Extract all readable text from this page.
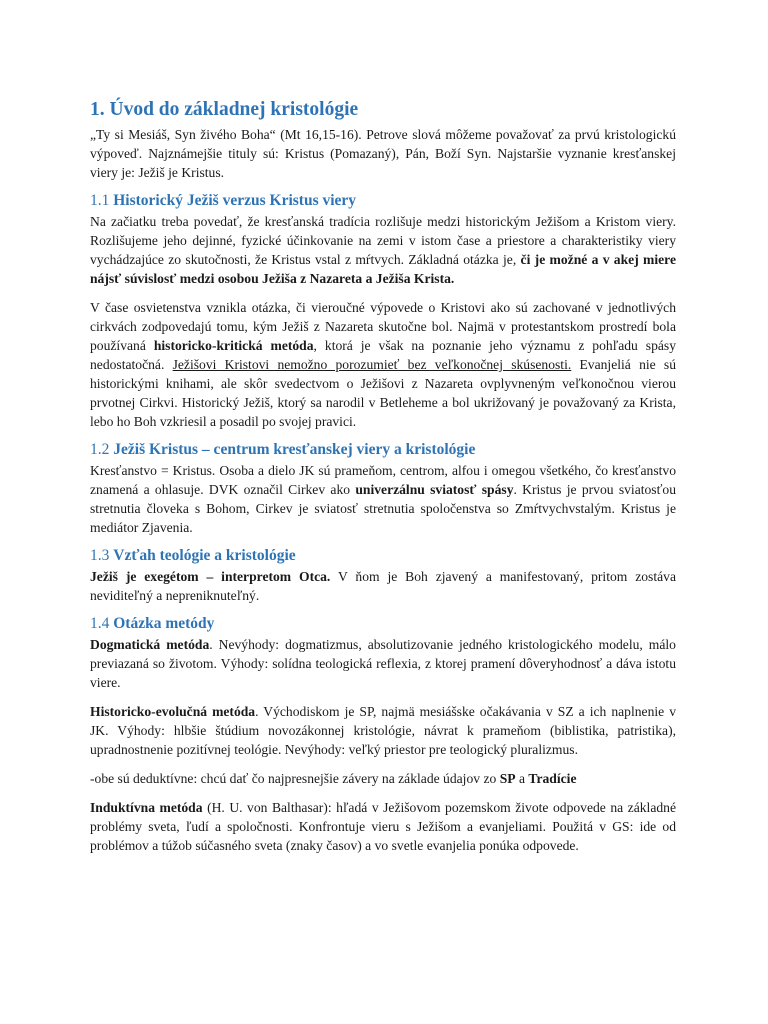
1. Úvod do základnej kristológie

„Ty si Mesiáš, Syn živého Boha“ (Mt 16,15-16). Petrove slová môžeme považovať za prvú kristologickú výpoveď. Najznámejšie tituly sú: Kristus (Pomazaný), Pán, Boží Syn. Najstaršie vyznanie kresťanskej viery je: Ježiš je Kristus.

1.1 Historický Ježiš verzus Kristus viery

Na začiatku treba povedať, že kresťanská tradícia rozlišuje medzi historickým Ježišom a Kristom viery. Rozlišujeme jeho dejinné, fyzické účinkovanie na zemi v istom čase a priestore a charakteristiky viery vychádzajúce zo skutočnosti, že Kristus vstal z mŕtvych. Základná otázka je, či je možné a v akej miere nájsť súvislosť medzi osobou Ježiša z Nazareta a Ježiša Krista.

V čase osvietenstva vznikla otázka, či vieroučné výpovede o Kristovi ako sú zachované v jednotlivých cirkvách zodpovedajú tomu, kým Ježiš z Nazareta skutočne bol. Najmä v protestantskom prostredí bola používaná historicko-kritická metóda, ktorá je však na poznanie jeho významu z pohľadu spásy nedostatočná. Ježišovi Kristovi nemožno porozumieť bez veľkonočnej skúsenosti. Evanjeliá nie sú historickými knihami, ale skôr svedectvom o Ježišovi z Nazareta ovplyvneným veľkonočnou vierou prvotnej Cirkvi. Historický Ježiš, ktorý sa narodil v Betleheme a bol ukrižovaný je považovaný za Krista, lebo ho Boh vzkriesil a posadil po svojej pravici.

1.2 Ježiš Kristus – centrum kresťanskej viery a kristológie

Kresťanstvo = Kristus. Osoba a dielo JK sú prameňom, centrom, alfou i omegou všetkého, čo kresťanstvo znamená a ohlasuje. DVK označil Cirkev ako univerzálnu sviatosť spásy. Kristus je prvou sviatosťou stretnutia človeka s Bohom, Cirkev je sviatosť stretnutia spoločenstva so Zmŕtvychvstalým. Kristus je mediátor Zjavenia.

1.3 Vzťah teológie a kristológie

Ježiš je exegétom – interpretom Otca. V ňom je Boh zjavený a manifestovaný, pritom zostáva neviditeľný a nepreniknuteľný.

1.4 Otázka metódy

Dogmatická metóda. Nevýhody: dogmatizmus, absolutizovanie jedného kristologického modelu, málo previazaná so životom. Výhody: solídna teologická reflexia, z ktorej pramení dôveryhodnosť a dáva istotu viere.

Historicko-evolučná metóda. Východiskom je SP, najmä mesiášske očakávania v SZ a ich naplnenie v JK. Výhody: hlbšie štúdium novozákonnej kristológie, návrat k prameňom (biblistika, patristika), upradnostnenie pozitívnej teológie. Nevýhody: veľký priestor pre teologický pluralizmus.

-obe sú deduktívne: chcú dať čo najpresnejšie závery na základe údajov zo SP a Tradície

Induktívna metóda (H. U. von Balthasar): hľadá v Ježišovom pozemskom živote odpovede na základné problémy sveta, ľudí a spoločnosti. Konfrontuje vieru s Ježišom a evanjeliami. Použitá v GS: ide od problémov a túžob súčasného sveta (znaky časov) a vo svetle evanjelia ponúka odpovede.
